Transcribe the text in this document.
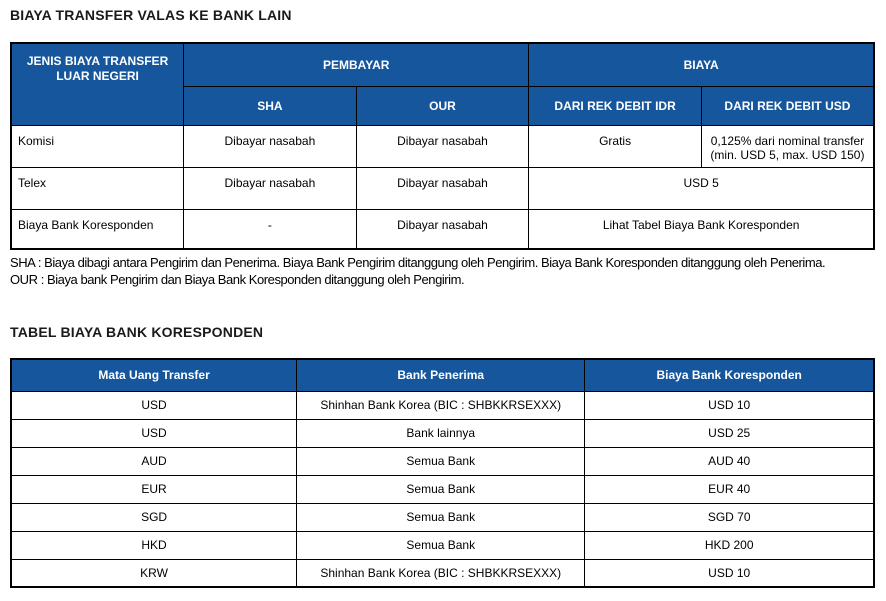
BIAYA TRANSFER VALAS KE BANK LAIN
JENIS BIAYA TRANSFER LUAR NEGERI	PEMBAYAR		BIAYA	
	SHA	OUR	DARI REK DEBIT IDR	DARI REK DEBIT USD
Komisi	Dibayar nasabah	Dibayar nasabah	Gratis	0,125% dari nominal transfer (min. USD 5, max. USD 150)
Telex	Dibayar nasabah	Dibayar nasabah	USD 5	
Biaya Bank Koresponden	-	Dibayar nasabah	Lihat Tabel Biaya Bank Koresponden	
SHA : Biaya dibagi antara Pengirim dan Penerima. Biaya Bank Pengirim ditanggung oleh Pengirim. Biaya Bank Koresponden ditanggung oleh Penerima.
OUR : Biaya bank Pengirim dan Biaya Bank Koresponden ditanggung oleh Pengirim.
TABEL BIAYA BANK KORESPONDEN
Mata Uang Transfer	Bank Penerima	Biaya Bank Koresponden
USD	Shinhan Bank Korea (BIC : SHBKKRSEXXX)	USD 10
USD	Bank lainnya	USD 25
AUD	Semua Bank	AUD 40
EUR	Semua Bank	EUR 40
SGD	Semua Bank	SGD 70
HKD	Semua Bank	HKD 200
KRW	Shinhan Bank Korea (BIC : SHBKKRSEXXX)	USD 10
